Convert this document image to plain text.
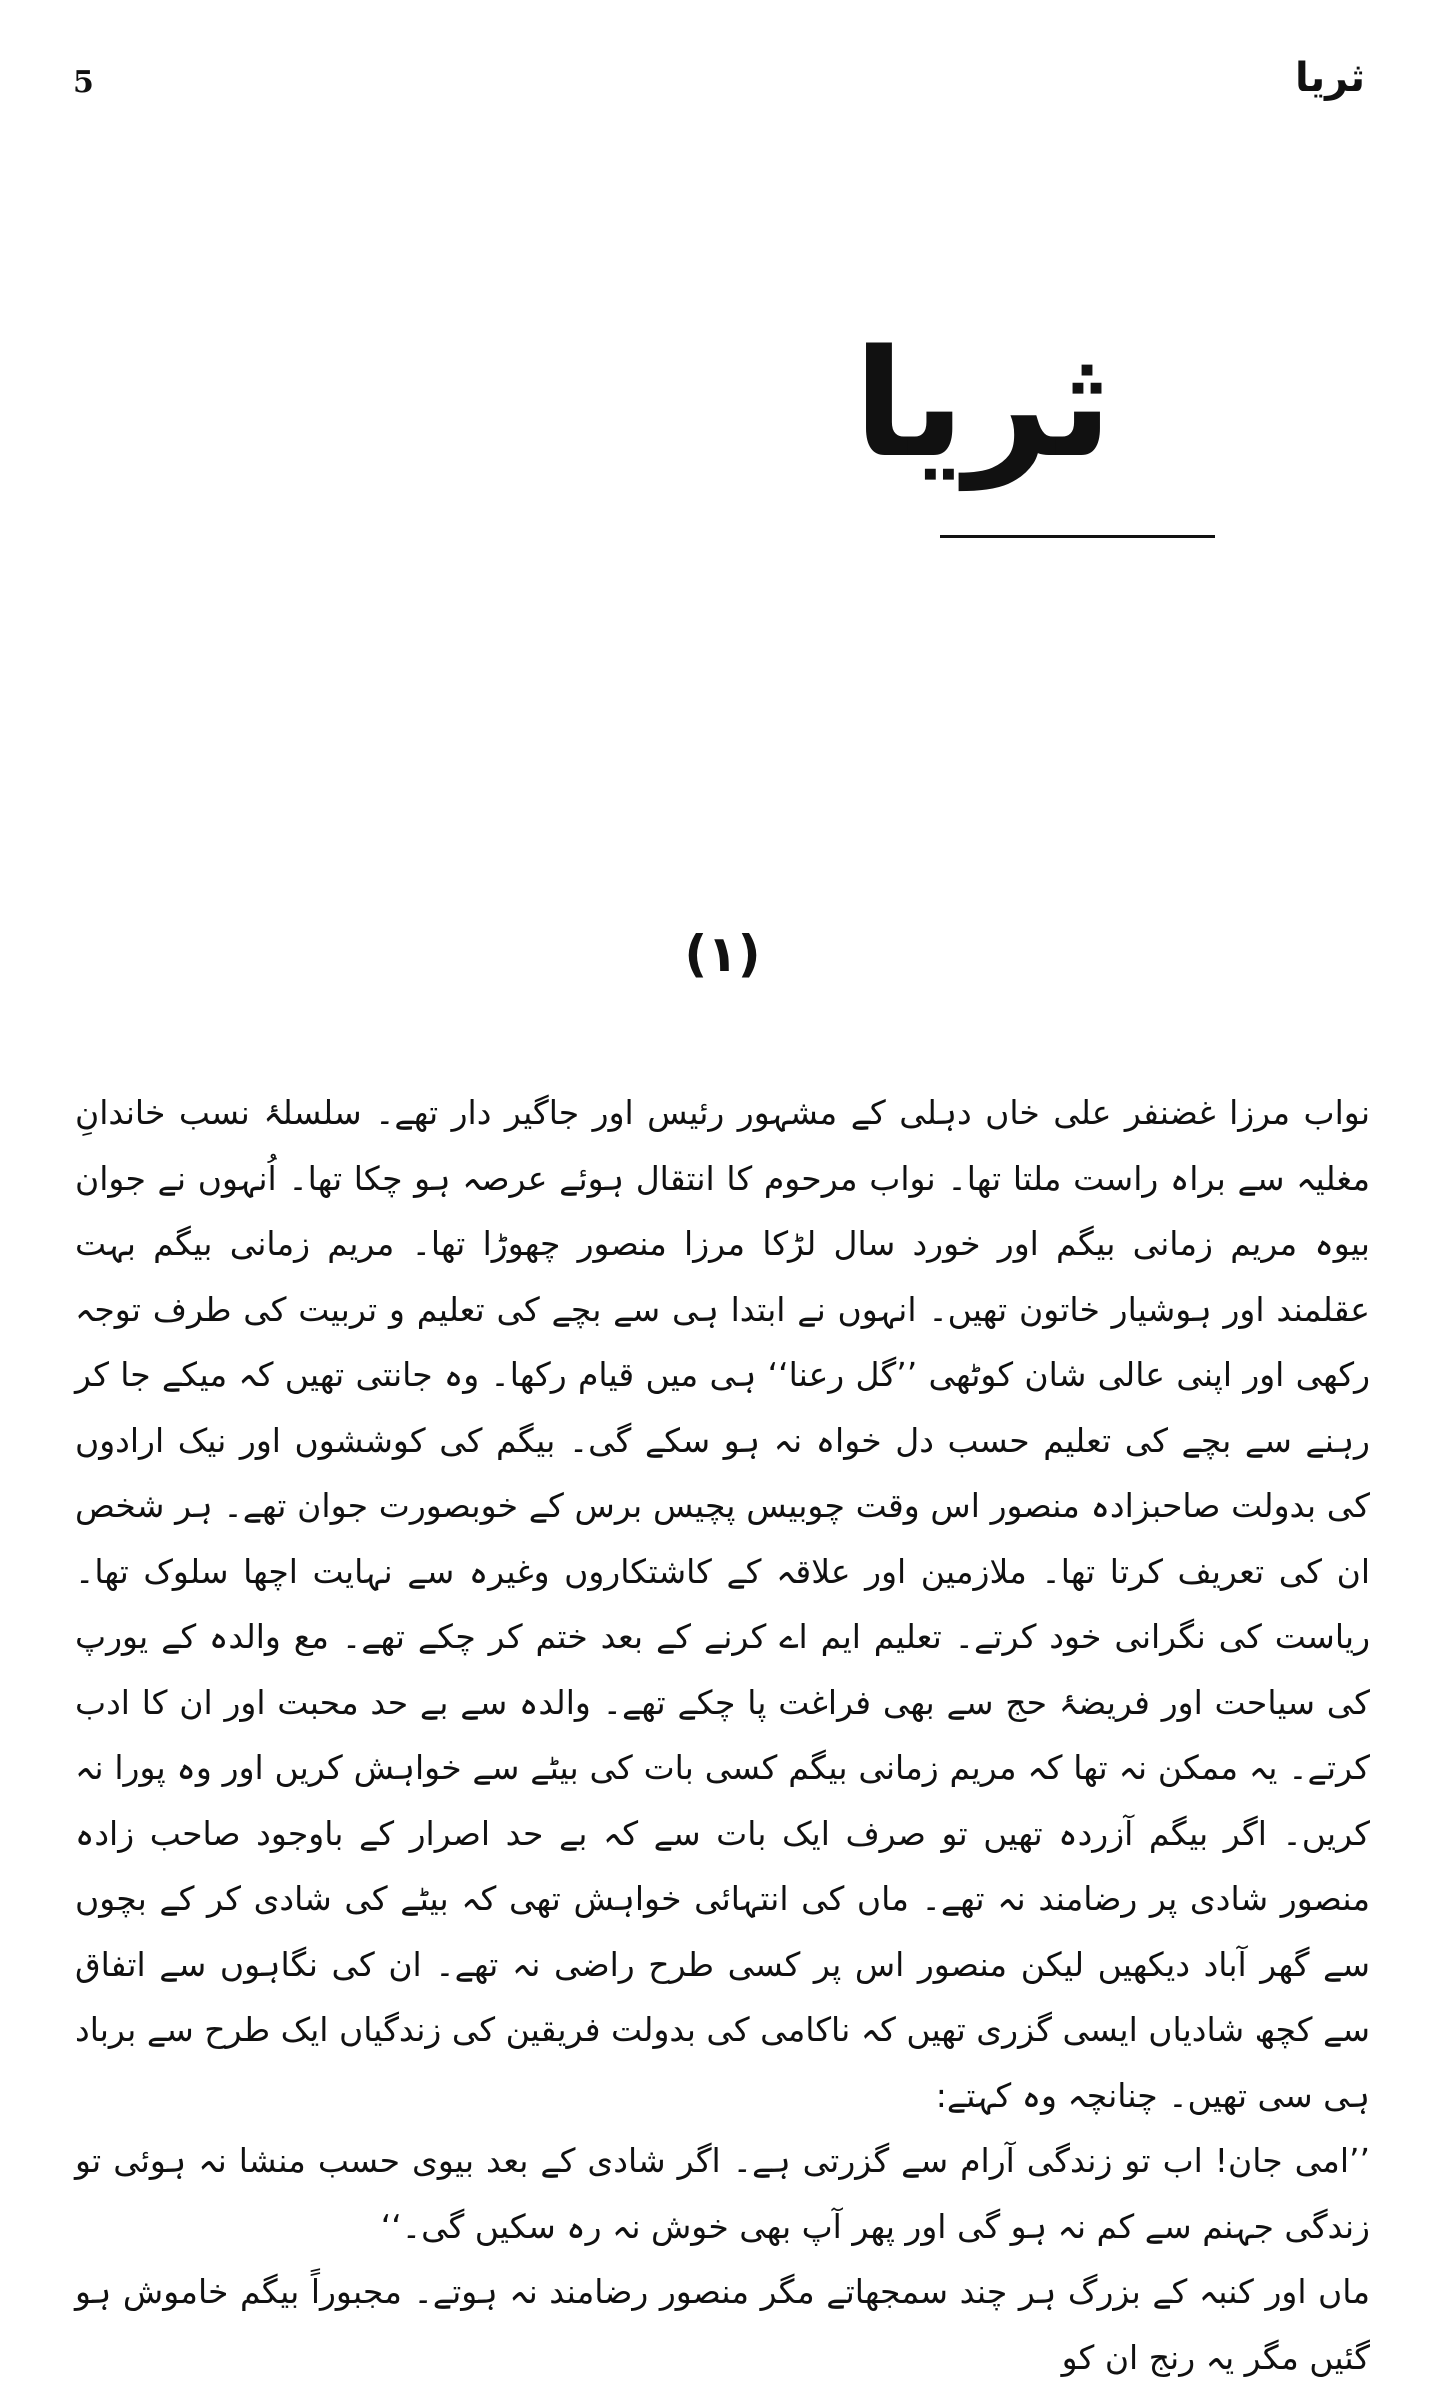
5	ثریا
ثریا
(۱)

نواب مرزا غضنفر علی خاں دہلی کے مشہور رئیس اور جاگیر دار تھے۔ سلسلۂ نسب خاندانِ مغلیہ سے براہ راست ملتا تھا۔ نواب مرحوم کا انتقال ہوئے عرصہ ہو چکا تھا۔ اُنہوں نے جوان بیوہ مریم زمانی بیگم اور خورد سال لڑکا مرزا منصور چھوڑا تھا۔ مریم زمانی بیگم بہت عقلمند اور ہوشیار خاتون تھیں۔ انہوں نے ابتدا ہی سے بچے کی تعلیم و تربیت کی طرف توجہ رکھی اور اپنی عالی شان کوٹھی ’’گل رعنا‘‘ ہی میں قیام رکھا۔ وہ جانتی تھیں کہ میکے جا کر رہنے سے بچے کی تعلیم حسب دل خواہ نہ ہو سکے گی۔ بیگم کی کوششوں اور نیک ارادوں کی بدولت صاحبزادہ منصور اس وقت چوبیس پچیس برس کے خوبصورت جوان تھے۔ ہر شخص ان کی تعریف کرتا تھا۔ ملازمین اور علاقہ کے کاشتکاروں وغیرہ سے نہایت اچھا سلوک تھا۔ ریاست کی نگرانی خود کرتے۔ تعلیم ایم اے کرنے کے بعد ختم کر چکے تھے۔ مع والدہ کے یورپ کی سیاحت اور فریضۂ حج سے بھی فراغت پا چکے تھے۔ والدہ سے بے حد محبت اور ان کا ادب کرتے۔ یہ ممکن نہ تھا کہ مریم زمانی بیگم کسی بات کی بیٹے سے خواہش کریں اور وہ پورا نہ کریں۔ اگر بیگم آزردہ تھیں تو صرف ایک بات سے کہ بے حد اصرار کے باوجود صاحب زادہ منصور شادی پر رضامند نہ تھے۔ ماں کی انتہائی خواہش تھی کہ بیٹے کی شادی کر کے بچوں سے گھر آباد دیکھیں لیکن منصور اس پر کسی طرح راضی نہ تھے۔ ان کی نگاہوں سے اتفاق سے کچھ شادیاں ایسی گزری تھیں کہ ناکامی کی بدولت فریقین کی زندگیاں ایک طرح سے برباد ہی سی تھیں۔ چنانچہ وہ کہتے:

’’امی جان! اب تو زندگی آرام سے گزرتی ہے۔ اگر شادی کے بعد بیوی حسب منشا نہ ہوئی تو زندگی جہنم سے کم نہ ہو گی اور پھر آپ بھی خوش نہ رہ سکیں گی۔‘‘

ماں اور کنبہ کے بزرگ ہر چند سمجھاتے مگر منصور رضامند نہ ہوتے۔ مجبوراً بیگم خاموش ہو گئیں مگر یہ رنج ان کو
